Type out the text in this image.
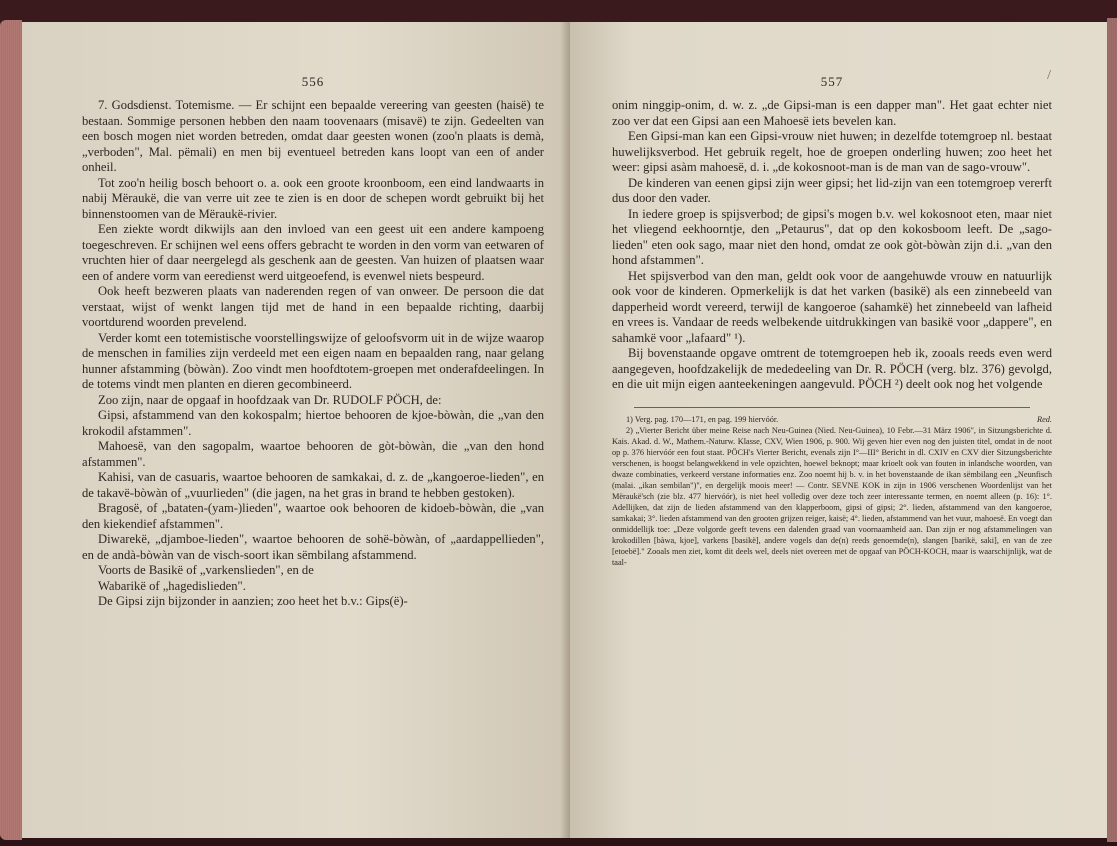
556

7. Godsdienst. Totemisme. — Er schijnt een bepaalde vereering van geesten (haisë) te bestaan. Sommige personen hebben den naam toovenaars (misavë) te zijn. Gedeelten van een bosch mogen niet worden betreden, omdat daar geesten wonen (zoo'n plaats is demà, „verboden", Mal. pëmali) en men bij eventueel betreden kans loopt van een of ander onheil.

Tot zoo'n heilig bosch behoort o. a. ook een groote kroonboom, een eind landwaarts in nabij Mëraukë, die van verre uit zee te zien is en door de schepen wordt gebruikt bij het binnenstoomen van de Mëraukë-rivier.

Een ziekte wordt dikwijls aan den invloed van een geest uit een andere kampoeng toegeschreven. Er schijnen wel eens offers gebracht te worden in den vorm van eetwaren of vruchten hier of daar neergelegd als geschenk aan de geesten. Van huizen of plaatsen waar een of andere vorm van eeredienst werd uitgeoefend, is evenwel niets bespeurd.

Ook heeft bezweren plaats van naderenden regen of van onweer. De persoon die dat verstaat, wijst of wenkt langen tijd met de hand in een bepaalde richting, daarbij voortdurend woorden prevelend.

Verder komt een totemistische voorstellingswijze of geloofsvorm uit in de wijze waarop de menschen in families zijn verdeeld met een eigen naam en bepaalden rang, naar gelang hunner afstamming (bòwàn). Zoo vindt men hoofdtotem-groepen met onderafdeelingen. In de totems vindt men planten en dieren gecombineerd.

Zoo zijn, naar de opgaaf in hoofdzaak van Dr. RUDOLF PÖCH, de:

Gipsi, afstammend van den kokospalm; hiertoe behooren de kjoe-bòwàn, die „van den krokodil afstammen".

Mahoesë, van den sagopalm, waartoe behooren de gòt-bòwàn, die „van den hond afstammen".

Kahisi, van de casuaris, waartoe behooren de samkakai, d. z. de „kangoeroe-lieden", en de takavë-bòwàn of „vuurlieden" (die jagen, na het gras in brand te hebben gestoken).

Bragosë, of „bataten-(yam-)lieden", waartoe ook behooren de kidoeb-bòwàn, die „van den kiekendief afstammen".

Diwarekë, „djamboe-lieden", waartoe behooren de sohë-bòwàn, of „aardappellieden", en de andà-bòwàn van de visch-soort ikan sëmbilang afstammend.

Voorts de Basikë of „varkenslieden", en de

Wabarikë of „hagedislieden".

De Gipsi zijn bijzonder in aanzien; zoo heet het b.v.: Gips(ë)-

/
557

onim ninggip-onim, d. w. z. „de Gipsi-man is een dapper man". Het gaat echter niet zoo ver dat een Gipsi aan een Mahoesë iets bevelen kan.

Een Gipsi-man kan een Gipsi-vrouw niet huwen; in dezelfde totemgroep nl. bestaat huwelijksverbod. Het gebruik regelt, hoe de groepen onderling huwen; zoo heet het weer: gipsi asàm mahoesë, d. i. „de kokosnoot-man is de man van de sago-vrouw".

De kinderen van eenen gipsi zijn weer gipsi; het lid-zijn van een totemgroep vererft dus door den vader.

In iedere groep is spijsverbod; de gipsi's mogen b.v. wel kokosnoot eten, maar niet het vliegend eekhoorntje, den „Petaurus", dat op den kokosboom leeft. De „sago-lieden" eten ook sago, maar niet den hond, omdat ze ook gòt-bòwàn zijn d.i. „van den hond afstammen".

Het spijsverbod van den man, geldt ook voor de aangehuwde vrouw en natuurlijk ook voor de kinderen. Opmerkelijk is dat het varken (basikë) als een zinnebeeld van dapperheid wordt vereerd, terwijl de kangoeroe (sahamkë) het zinnebeeld van lafheid en vrees is. Vandaar de reeds welbekende uitdrukkingen van basikë voor „dappere", en sahamkë voor „lafaard" ¹).

Bij bovenstaande opgave omtrent de totemgroepen heb ik, zooals reeds even werd aangegeven, hoofdzakelijk de mededeeling van Dr. R. PÖCH (verg. blz. 376) gevolgd, en die uit mijn eigen aanteekeningen aangevuld. PÖCH ²) deelt ook nog het volgende

1) Verg. pag. 170—171, en pag. 199 hiervóór.	Red.

2) „Vierter Bericht über meine Reise nach Neu-Guinea (Nied. Neu-Guinea), 10 Febr.—31 März 1906", in Sitzungsberichte d. Kais. Akad. d. W., Mathem.-Naturw. Klasse, CXV, Wien 1906, p. 900. Wij geven hier even nog den juisten titel, omdat in de noot op p. 376 hiervóór een fout staat. PÖCH's Vierter Bericht, evenals zijn I°—III° Bericht in dl. CXIV en CXV dier Sitzungsberichte verschenen, is hoogst belangwekkend in vele opzichten, hoewel beknopt; maar krioelt ook van fouten in inlandsche woorden, van dwaze combinaties, verkeerd verstane informaties enz. Zoo noemt hij b. v. in het bovenstaande de ikan sëmbilang een „Neunfisch (malai. „ikan sembilan")", en dergelijk moois meer! — Contr. SEVNE KOK in zijn in 1906 verschenen Woordenlijst van het Mëraukë'sch (zie blz. 477 hiervóór), is niet heel volledig over deze toch zeer interessante termen, en noemt alleen (p. 16): 1°. Adellijken, dat zijn de lieden afstammend van den klapperboom, gipsi of gipsi; 2°. lieden, afstammend van den kangoeroe, samkakai; 3°. lieden afstammend van den grooten grijzen reiger, kaisë; 4°. lieden, afstammend van het vuur, mahoesë. En voegt dan onmiddellijk toe: „Deze volgorde geeft tevens een dalenden graad van voornaamheid aan. Dan zijn er nog afstammelingen van krokodillen [bàwa, kjoe], varkens [basikë], andere vogels dan de(n) reeds genoemde(n), slangen [barikë, saki], en van de zee [etoebë]." Zooals men ziet, komt dit deels wel, deels niet overeen met de opgaaf van PÖCH-KOCH, maar is waarschijnlijk, wat de taal-
